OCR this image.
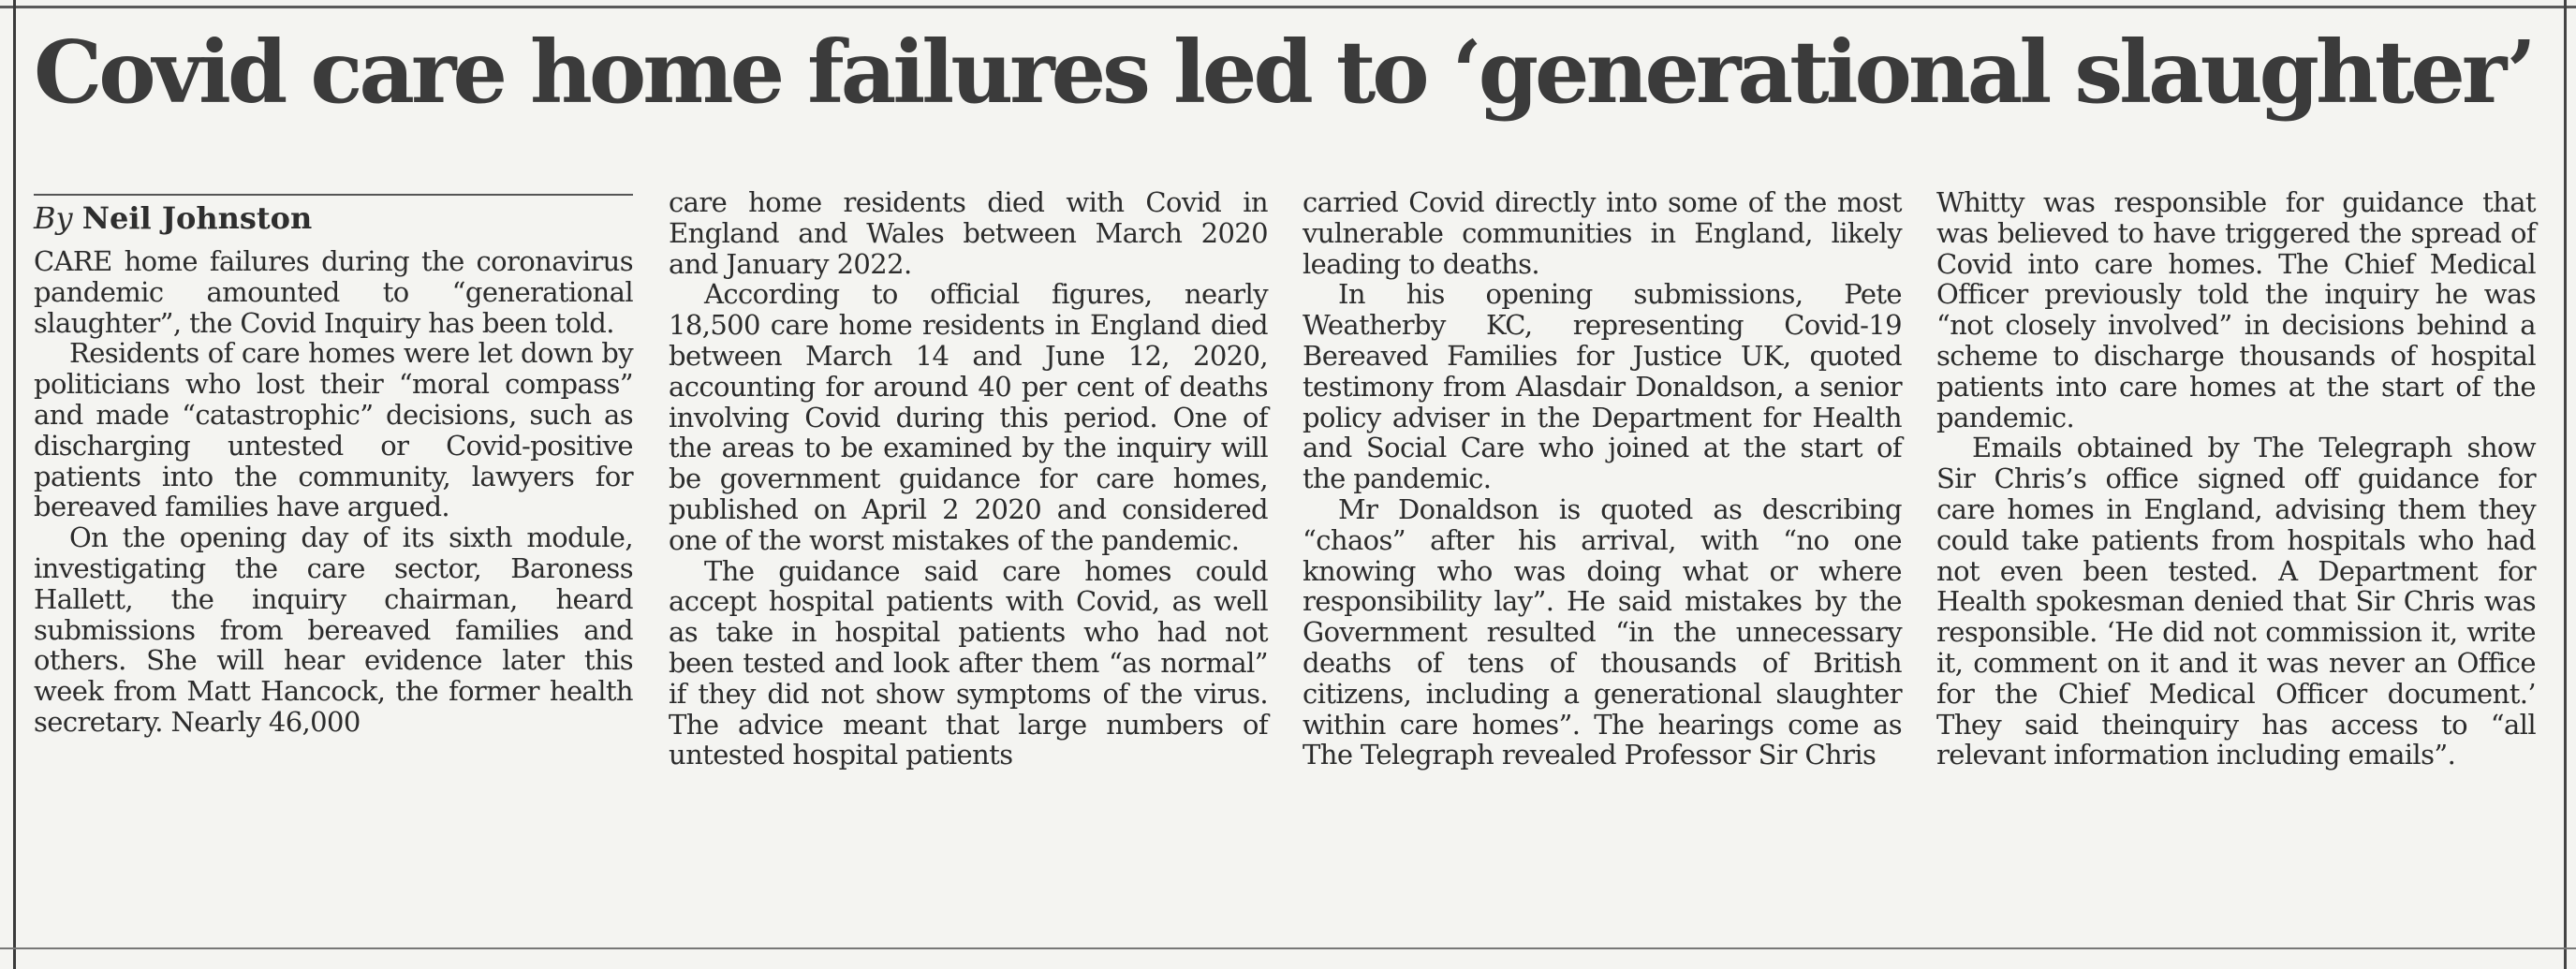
Covid care home failures led to ‘generational slaughter’
By Neil Johnston

CARE home failures during the coronavirus pandemic amounted to “generational slaughter”, the Covid Inquiry has been told.

Residents of care homes were let down by politicians who lost their “moral compass” and made “catastrophic” decisions, such as discharging untested or Covid-positive patients into the community, lawyers for bereaved families have argued.

On the opening day of its sixth module, investigating the care sector, Baroness Hallett, the inquiry chairman, heard submissions from bereaved families and others. She will hear evidence later this week from Matt Hancock, the former health secretary. Nearly 46,000

care home residents died with Covid in England and Wales between March 2020 and January 2022.

According to official figures, nearly 18,500 care home residents in England died between March 14 and June 12, 2020, accounting for around 40 per cent of deaths involving Covid during this period. One of the areas to be examined by the inquiry will be government guidance for care homes, published on April 2 2020 and considered one of the worst mistakes of the pandemic.

The guidance said care homes could accept hospital patients with Covid, as well as take in hospital patients who had not been tested and look after them “as normal” if they did not show symptoms of the virus. The advice meant that large numbers of untested hospital patients

carried Covid directly into some of the most vulnerable communities in England, likely leading to deaths.

In his opening submissions, Pete Weatherby KC, representing Covid-19 Bereaved Families for Justice UK, quoted testimony from Alasdair Donaldson, a senior policy adviser in the Department for Health and Social Care who joined at the start of the pandemic.

Mr Donaldson is quoted as describing “chaos” after his arrival, with “no one knowing who was doing what or where responsibility lay”. He said mistakes by the Government resulted “in the unnecessary deaths of tens of thousands of British citizens, including a generational slaughter within care homes”. The hearings come as The Telegraph revealed Professor Sir Chris

Whitty was responsible for guidance that was believed to have triggered the spread of Covid into care homes. The Chief Medical Officer previously told the inquiry he was “not closely involved” in decisions behind a scheme to discharge thousands of hospital patients into care homes at the start of the pandemic.

Emails obtained by The Telegraph show Sir Chris’s office signed off guidance for care homes in England, advising them they could take patients from hospitals who had not even been tested. A Department for Health spokesman denied that Sir Chris was responsible. ‘He did not commission it, write it, comment on it and it was never an Office for the Chief Medical Officer document.’ They said theinquiry has access to “all relevant information including emails”.
